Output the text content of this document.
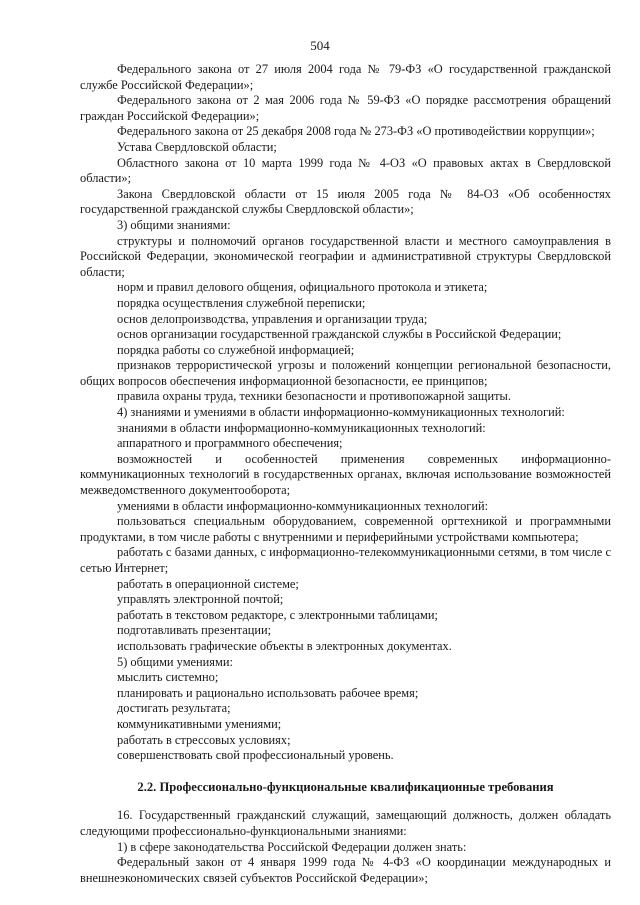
504

Федерального закона от 27 июля 2004 года № 79-ФЗ «О государственной гражданской службе Российской Федерации»;

Федерального закона от 2 мая 2006 года № 59-ФЗ «О порядке рассмотрения обращений граждан Российской Федерации»;

Федерального закона от 25 декабря 2008 года № 273-ФЗ «О противодействии коррупции»;

Устава Свердловской области;

Областного закона от 10 марта 1999 года № 4-ОЗ «О правовых актах в Свердловской области»;

Закона Свердловской области от 15 июля 2005 года № 84-ОЗ «Об особенностях государственной гражданской службы Свердловской области»;

3) общими знаниями:

структуры и полномочий органов государственной власти и местного самоуправления в Российской Федерации, экономической географии и административной структуры Свердловской области;

норм и правил делового общения, официального протокола и этикета;

порядка осуществления служебной переписки;

основ делопроизводства, управления и организации труда;

основ организации государственной гражданской службы в Российской Федерации;

порядка работы со служебной информацией;

признаков террористической угрозы и положений концепции региональной безопасности, общих вопросов обеспечения информационной безопасности, ее принципов;

правила охраны труда, техники безопасности и противопожарной защиты.

4) знаниями и умениями в области информационно-коммуникационных технологий:

знаниями в области информационно-коммуникационных технологий:

аппаратного и программного обеспечения;

возможностей и особенностей применения современных информационно-коммуникационных технологий в государственных органах, включая использование возможностей межведомственного документооборота;

умениями в области информационно-коммуникационных технологий:

пользоваться специальным оборудованием, современной оргтехникой и программными продуктами, в том числе работы с внутренними и периферийными устройствами компьютера;

работать с базами данных, с информационно-телекоммуникационными сетями, в том числе с сетью Интернет;

работать в операционной системе;

управлять электронной почтой;

работать в текстовом редакторе, с электронными таблицами;

подготавливать презентации;

использовать графические объекты в электронных документах.

5) общими умениями:

мыслить системно;

планировать и рационально использовать рабочее время;

достигать результата;

коммуникативными умениями;

работать в стрессовых условиях;

совершенствовать свой профессиональный уровень.

2.2. Профессионально-функциональные квалификационные требования

16. Государственный гражданский служащий, замещающий должность, должен обладать следующими профессионально-функциональными знаниями:

1) в сфере законодательства Российской Федерации должен знать:

Федеральный закон от 4 января 1999 года № 4-ФЗ «О координации международных и внешнеэкономических связей субъектов Российской Федерации»;
